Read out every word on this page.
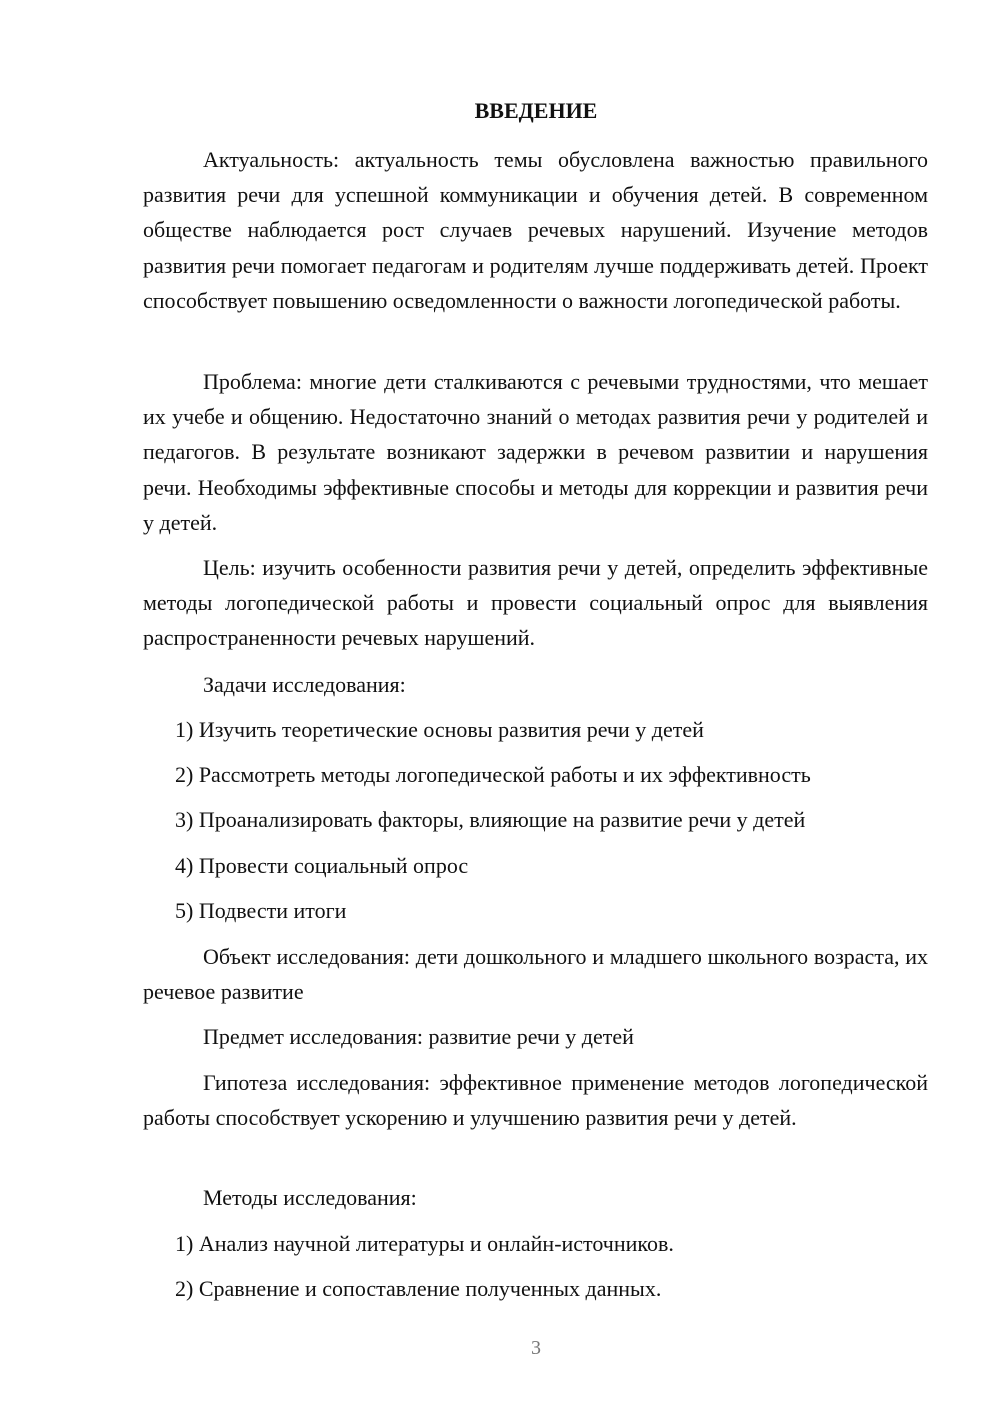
ВВЕДЕНИЕ

Актуальность: актуальность темы обусловлена важностью правильного развития речи для успешной коммуникации и обучения детей. В современном обществе наблюдается рост случаев речевых нарушений. Изучение методов развития речи помогает педагогам и родителям лучше поддерживать детей. Проект способствует повышению осведомленности о важности логопедической работы.

Проблема: многие дети сталкиваются с речевыми трудностями, что мешает их учебе и общению. Недостаточно знаний о методах развития речи у родителей и педагогов. В результате возникают задержки в речевом развитии и нарушения речи. Необходимы эффективные способы и методы для коррекции и развития речи у детей.

Цель: изучить особенности развития речи у детей, определить эффективные методы логопедической работы и провести социальный опрос для выявления распространенности речевых нарушений.

Задачи исследования:

1) Изучить теоретические основы развития речи у детей

2) Рассмотреть методы логопедической работы и их эффективность

3) Проанализировать факторы, влияющие на развитие речи у детей

4) Провести социальный опрос

5) Подвести итоги

Объект исследования: дети дошкольного и младшего школьного возраста, их речевое развитие

Предмет исследования: развитие речи у детей

Гипотеза исследования: эффективное применение методов логопедической работы способствует ускорению и улучшению развития речи у детей.

Методы исследования:

1) Анализ научной литературы и онлайн-источников.

2) Сравнение и сопоставление полученных данных.

3
